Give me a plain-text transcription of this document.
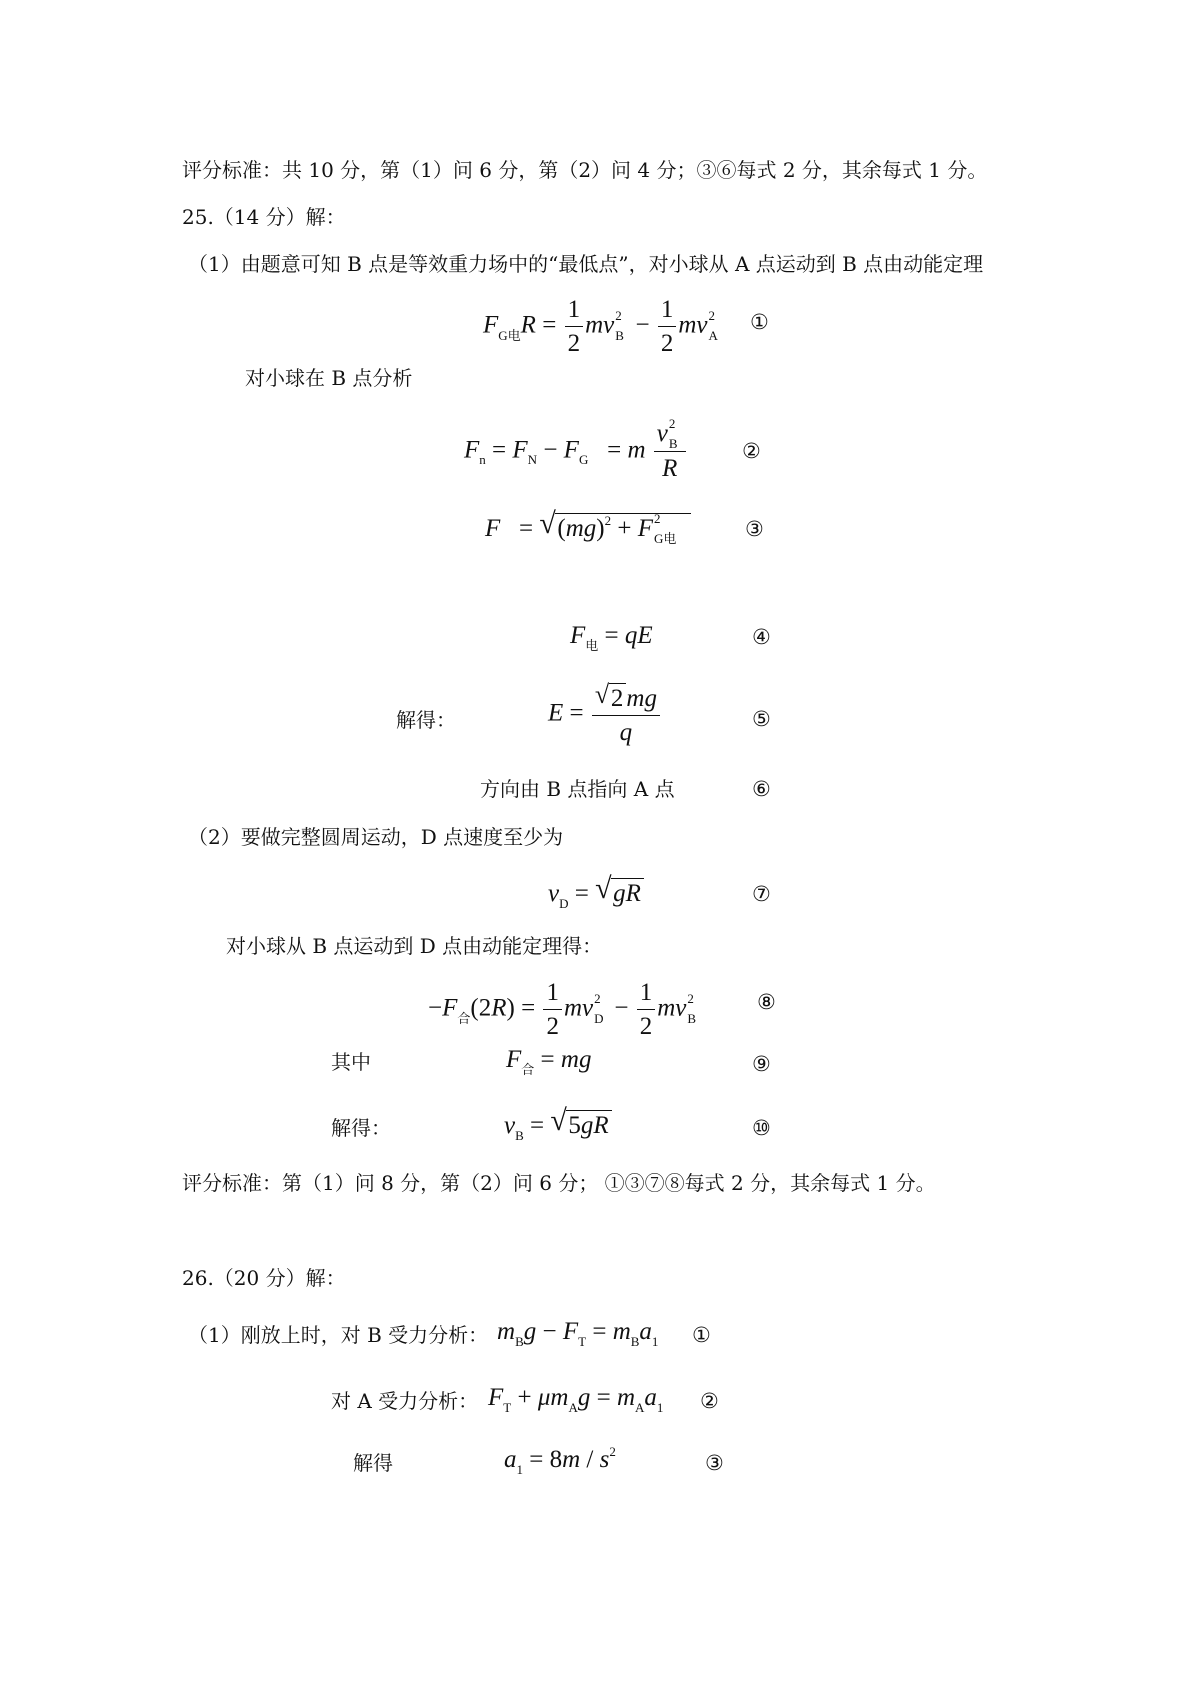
评分标准：共 10 分，第（1）问 6 分，第（2）问 4 分；③⑥每式 2 分，其余每式 1 分。
25.（14 分）解：
（1）由题意可知 B 点是等效重力场中的“最低点”，对小球从 A 点运动到 B 点由动能定理
$F_{G电}R = \frac{1}{2}$ mv 2
$B - \frac{1}{2}$ mv 2
A
①
对小球在 B 点分析
$F_n = F_N - F_G = m$ v 2
B
R	②
F   = √ (mg)$^2$ + F 2
G电	③
$F_电$ = qE	④
解得：	$E = \frac{√ 2 mg}{q}$	⑤
方向由 B 点指向 A 点	⑥
（2）要做完整圆周运动，D 点速度至少为
$v_D$ = √ gR	⑦
对小球从 B 点运动到 D 点由动能定理得：
$-F_合(2R) = \frac{1}{2}$ mv 2
$D - \frac{1}{2}$ mv 2
B
⑧
其中	$F_合$ = mg	⑨
解得：	$v_B$ = √ 5gR	⑩
评分标准：第（1）问 8 分，第（2）问 6 分； ①③⑦⑧每式 2 分，其余每式 1 分。
26.（20 分）解：
（1）刚放上时，对 B 受力分析： $m_Bg - F_T = m_Ba_1$ ①
对 A 受力分析： $F_T + \mu m_Ag = m_Aa_1$ ②
解得	$a_1 = 8m / s^2$	③
